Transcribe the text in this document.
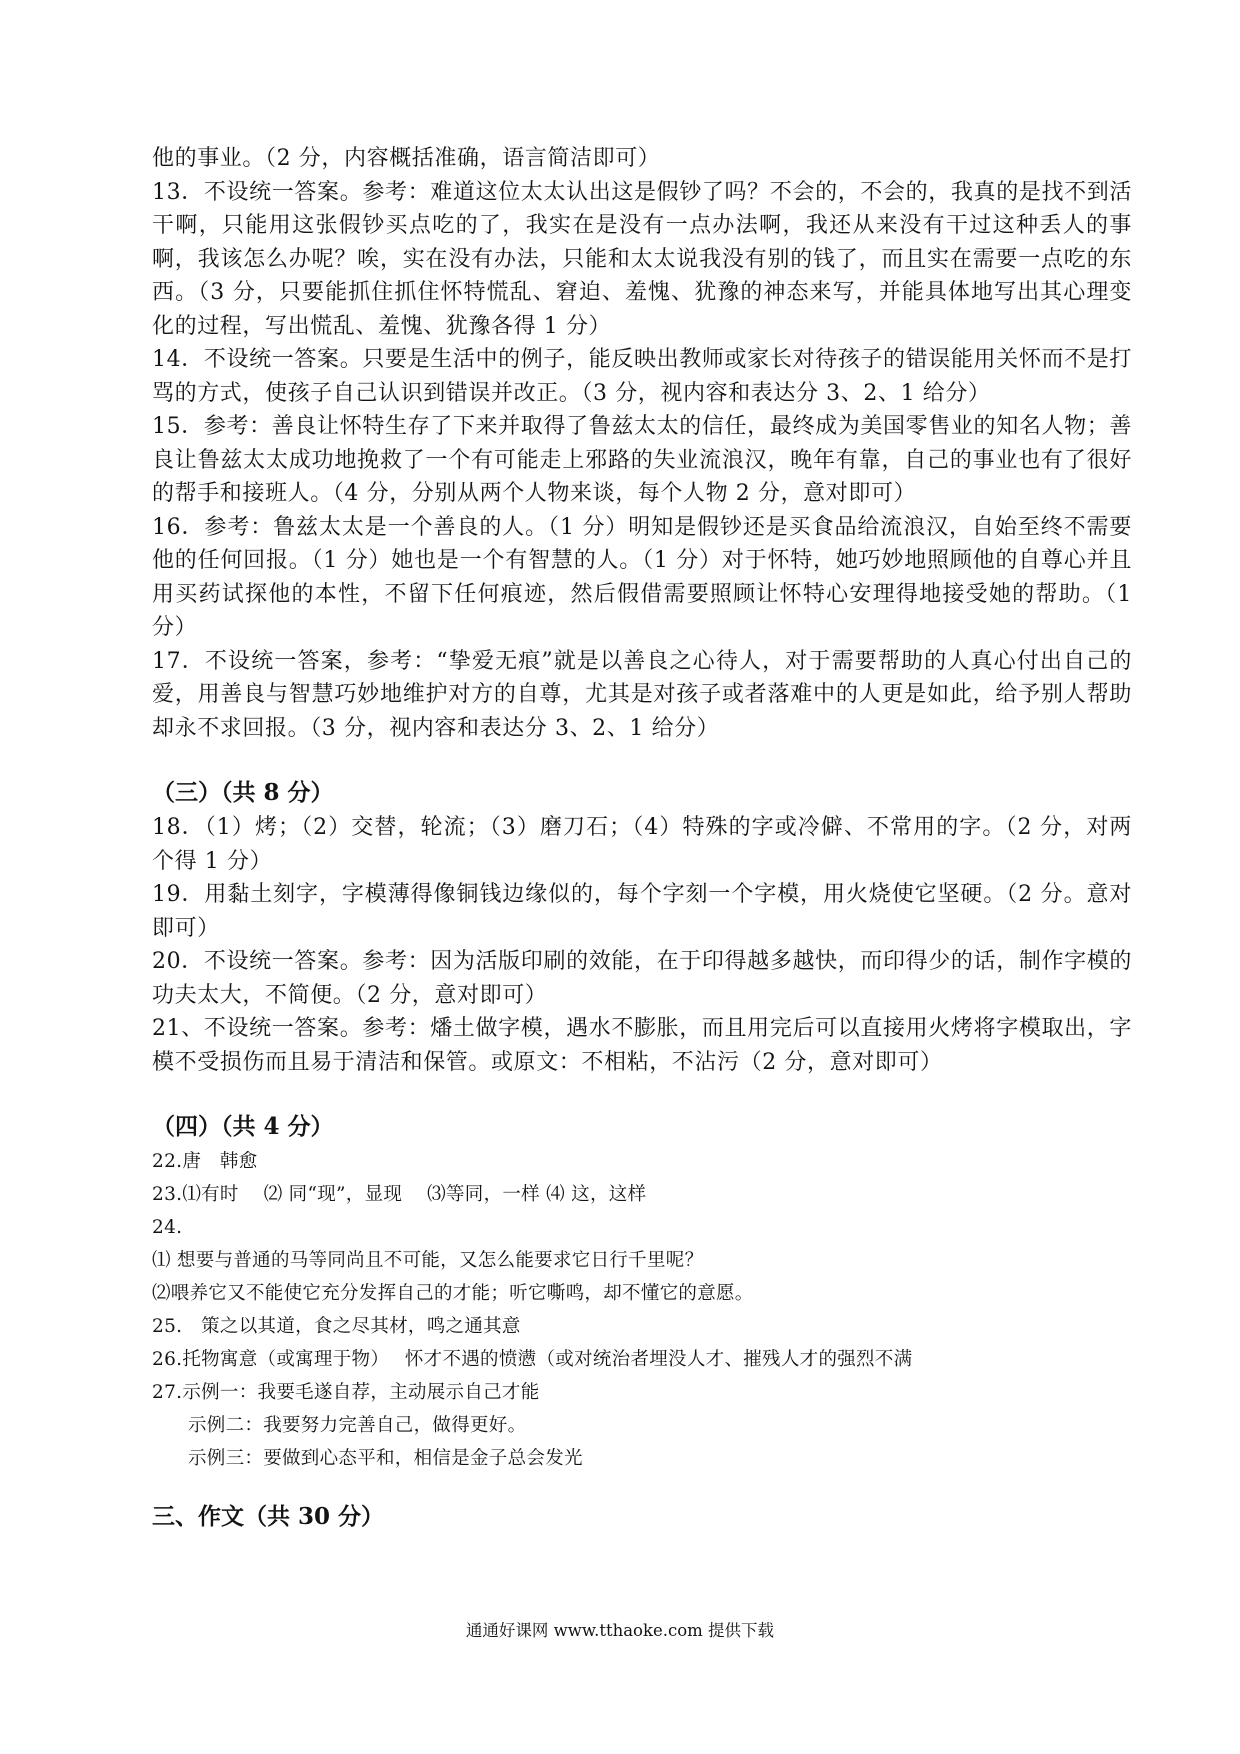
他的事业。（2 分，内容概括准确，语言简洁即可）

13．不设统一答案。参考：难道这位太太认出这是假钞了吗？不会的，不会的，我真的是找不到活干啊，只能用这张假钞买点吃的了，我实在是没有一点办法啊，我还从来没有干过这种丢人的事啊，我该怎么办呢？唉，实在没有办法，只能和太太说我没有别的钱了，而且实在需要一点吃的东西。（3 分，只要能抓住抓住怀特慌乱、窘迫、羞愧、犹豫的神态来写，并能具体地写出其心理变化的过程，写出慌乱、羞愧、犹豫各得 1 分）

14．不设统一答案。只要是生活中的例子，能反映出教师或家长对待孩子的错误能用关怀而不是打骂的方式，使孩子自己认识到错误并改正。（3 分，视内容和表达分 3、2、1 给分）

15．参考：善良让怀特生存了下来并取得了鲁兹太太的信任，最终成为美国零售业的知名人物；善良让鲁兹太太成功地挽救了一个有可能走上邪路的失业流浪汉，晚年有靠，自己的事业也有了很好的帮手和接班人。（4 分，分别从两个人物来谈，每个人物 2 分，意对即可）

16．参考：鲁兹太太是一个善良的人。（1 分）明知是假钞还是买食品给流浪汉，自始至终不需要他的任何回报。（1 分）她也是一个有智慧的人。（1 分）对于怀特，她巧妙地照顾他的自尊心并且用买药试探他的本性，不留下任何痕迹，然后假借需要照顾让怀特心安理得地接受她的帮助。（1 分）

17．不设统一答案，参考：“挚爱无痕”就是以善良之心待人，对于需要帮助的人真心付出自己的爱，用善良与智慧巧妙地维护对方的自尊，尤其是对孩子或者落难中的人更是如此，给予别人帮助却永不求回报。（3 分，视内容和表达分 3、2、1 给分）

（三）（共 8 分）

18．（1）烤；（2）交替，轮流；（3）磨刀石；（4）特殊的字或冷僻、不常用的字。（2 分，对两个得 1 分）

19．用黏土刻字，字模薄得像铜钱边缘似的，每个字刻一个字模，用火烧使它坚硬。（2 分。意对即可）

20．不设统一答案。参考：因为活版印刷的效能，在于印得越多越快，而印得少的话，制作字模的功夫太大，不简便。（2 分，意对即可）

21、不设统一答案。参考：燔土做字模，遇水不膨胀，而且用完后可以直接用火烤将字模取出，字模不受损伤而且易于清洁和保管。或原文：不相粘，不沾污（2 分，意对即可）

（四）（共 4 分）

22.唐　韩愈

23.⑴有时　 ⑵ 同“现”，显现　 ⑶等同，一样 ⑷ 这，这样

24.

⑴ 想要与普通的马等同尚且不可能，又怎么能要求它日行千里呢？

⑵喂养它又不能使它充分发挥自己的才能；听它嘶鸣，却不懂它的意愿。

25.　策之以其道，食之尽其材，鸣之通其意

26.托物寓意（或寓理于物）　 怀才不遇的愤懑（或对统治者埋没人才、摧残人才的强烈不满

27.示例一：我要毛遂自荐，主动展示自己才能

示例二：我要努力完善自己，做得更好。

示例三：要做到心态平和，相信是金子总会发光

三、作文（共 30 分）

通通好课网 www.tthaoke.com 提供下载
